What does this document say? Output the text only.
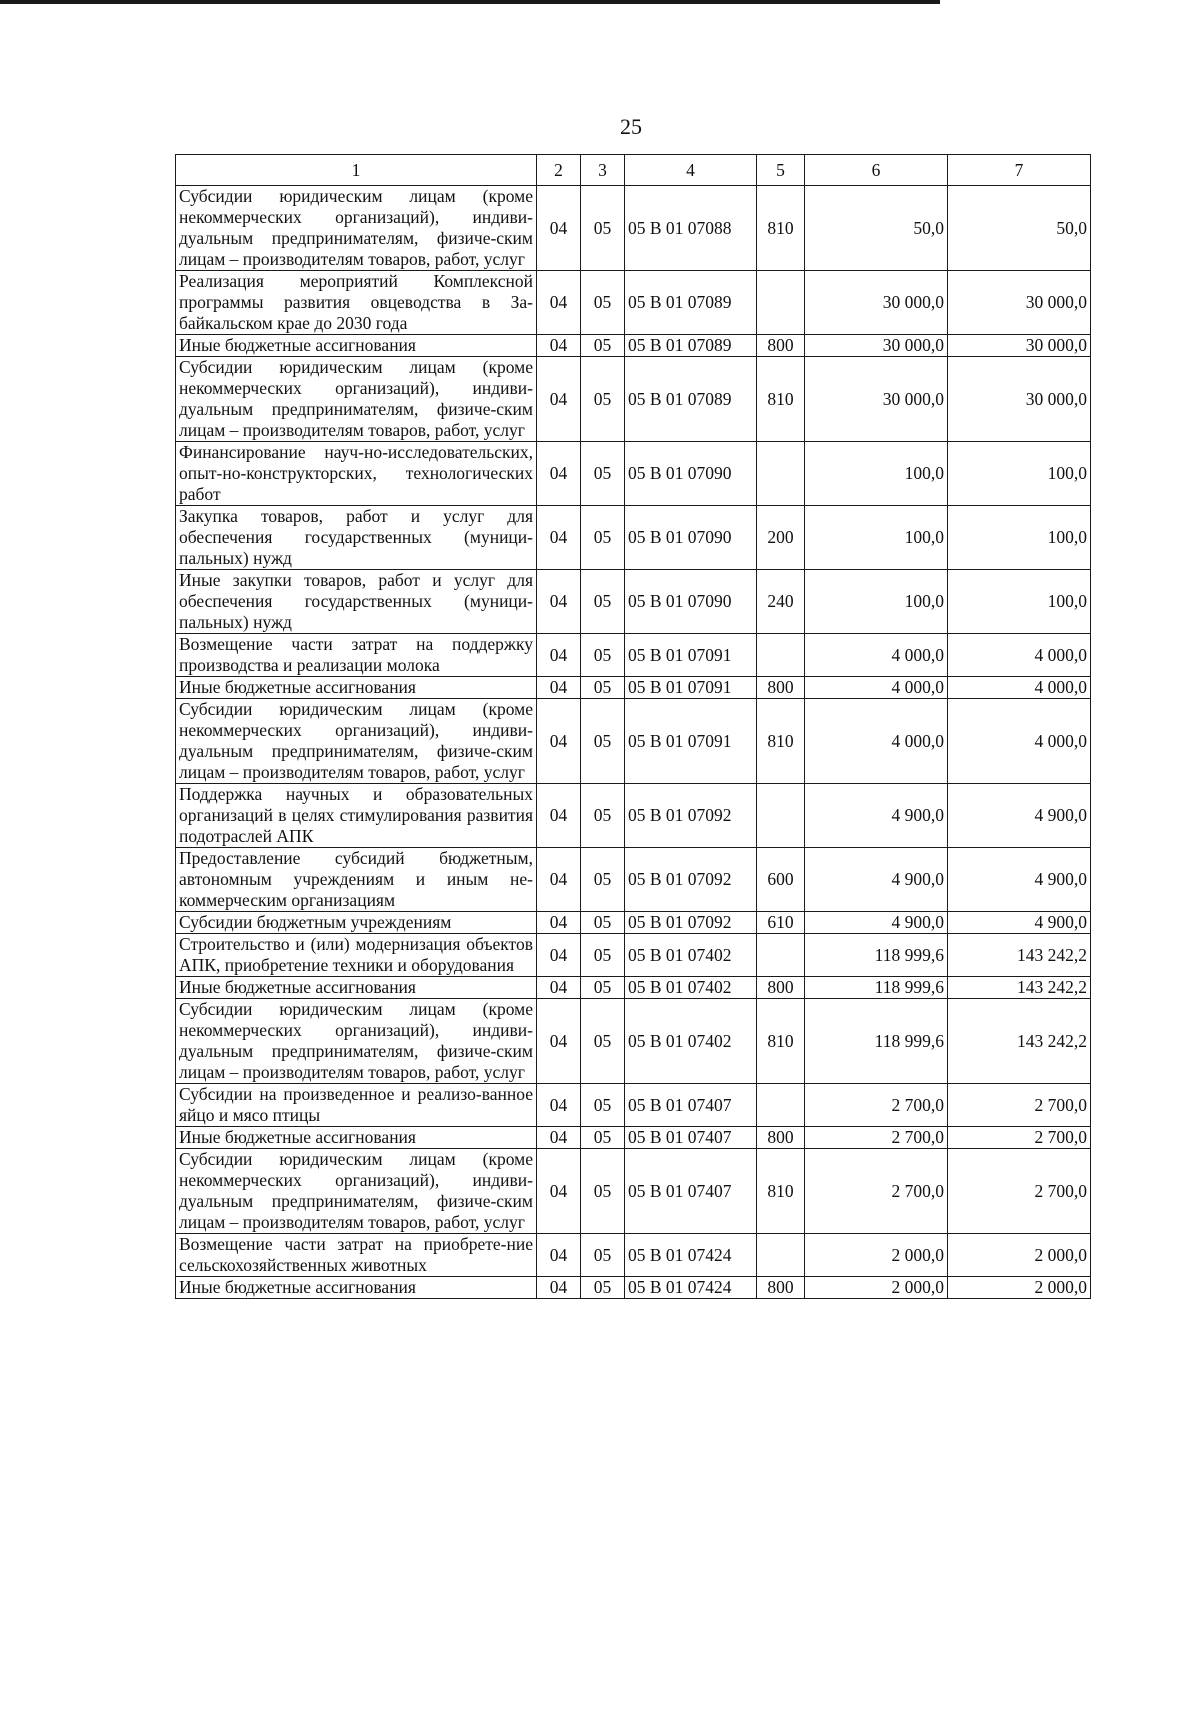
25
1	2	3	4	5	6	7
Субсидии юридическим лицам (кроме некоммерческих организаций), индиви-дуальным предпринимателям, физиче-ским лицам – производителям товаров, работ, услуг	04	05	05 В 01 07088	810	50,0	50,0
Реализация мероприятий Комплексной программы развития овцеводства в За-байкальском крае до 2030 года	04	05	05 В 01 07089		30 000,0	30 000,0
Иные бюджетные ассигнования	04	05	05 В 01 07089	800	30 000,0	30 000,0
Субсидии юридическим лицам (кроме некоммерческих организаций), индиви-дуальным предпринимателям, физиче-ским лицам – производителям товаров, работ, услуг	04	05	05 В 01 07089	810	30 000,0	30 000,0
Финансирование науч-но-исследовательских, опыт-но-конструкторских, технологических работ	04	05	05 В 01 07090		100,0	100,0
Закупка товаров, работ и услуг для обеспечения государственных (муници-пальных) нужд	04	05	05 В 01 07090	200	100,0	100,0
Иные закупки товаров, работ и услуг для обеспечения государственных (муници-пальных) нужд	04	05	05 В 01 07090	240	100,0	100,0
Возмещение части затрат на поддержку производства и реализации молока	04	05	05 В 01 07091		4 000,0	4 000,0
Иные бюджетные ассигнования	04	05	05 В 01 07091	800	4 000,0	4 000,0
Субсидии юридическим лицам (кроме некоммерческих организаций), индиви-дуальным предпринимателям, физиче-ским лицам – производителям товаров, работ, услуг	04	05	05 В 01 07091	810	4 000,0	4 000,0
Поддержка научных и образовательных организаций в целях стимулирования развития подотраслей АПК	04	05	05 В 01 07092		4 900,0	4 900,0
Предоставление субсидий бюджетным, автономным учреждениям и иным не-коммерческим организациям	04	05	05 В 01 07092	600	4 900,0	4 900,0
Субсидии бюджетным учреждениям	04	05	05 В 01 07092	610	4 900,0	4 900,0
Строительство и (или) модернизация объектов АПК, приобретение техники и оборудования	04	05	05 В 01 07402		118 999,6	143 242,2
Иные бюджетные ассигнования	04	05	05 В 01 07402	800	118 999,6	143 242,2
Субсидии юридическим лицам (кроме некоммерческих организаций), индиви-дуальным предпринимателям, физиче-ским лицам – производителям товаров, работ, услуг	04	05	05 В 01 07402	810	118 999,6	143 242,2
Субсидии на произведенное и реализо-ванное яйцо и мясо птицы	04	05	05 В 01 07407		2 700,0	2 700,0
Иные бюджетные ассигнования	04	05	05 В 01 07407	800	2 700,0	2 700,0
Субсидии юридическим лицам (кроме некоммерческих организаций), индиви-дуальным предпринимателям, физиче-ским лицам – производителям товаров, работ, услуг	04	05	05 В 01 07407	810	2 700,0	2 700,0
Возмещение части затрат на приобрете-ние сельскохозяйственных животных	04	05	05 В 01 07424		2 000,0	2 000,0
Иные бюджетные ассигнования	04	05	05 В 01 07424	800	2 000,0	2 000,0
